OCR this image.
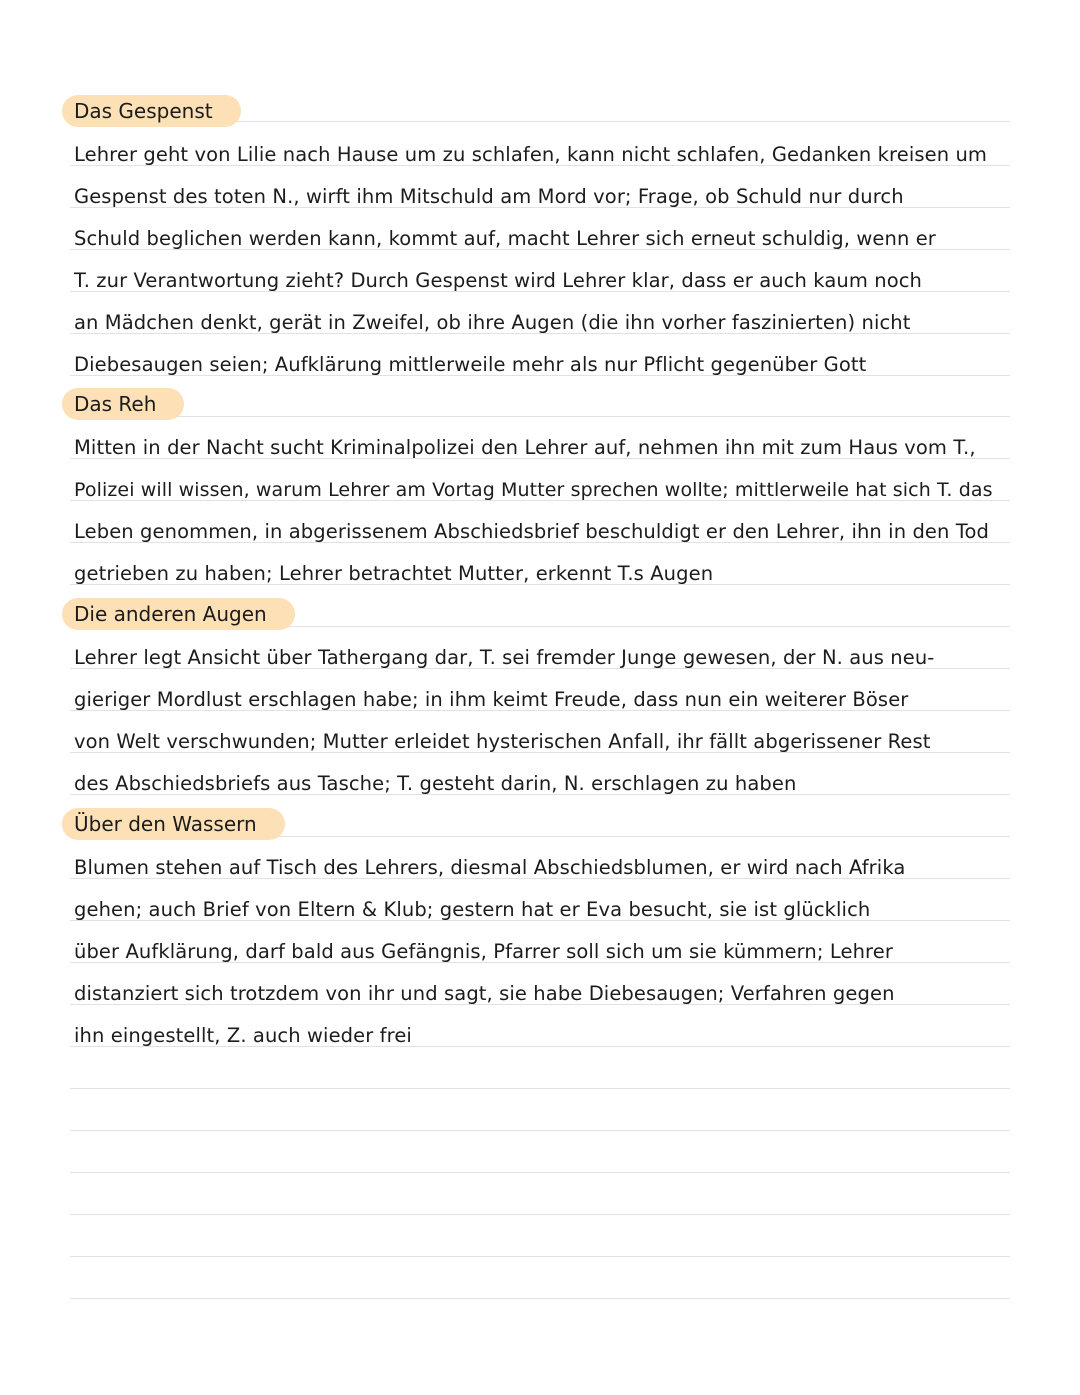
Das Gespenst
Lehrer geht von Lilie nach Hause um zu schlafen, kann nicht schlafen, Gedanken kreisen um
Gespenst des toten N., wirft ihm Mitschuld am Mord vor; Frage, ob Schuld nur durch
Schuld beglichen werden kann, kommt auf, macht Lehrer sich erneut schuldig, wenn er
T. zur Verantwortung zieht? Durch Gespenst wird Lehrer klar, dass er auch kaum noch
an Mädchen denkt, gerät in Zweifel, ob ihre Augen (die ihn vorher faszinierten) nicht
Diebesaugen seien; Aufklärung mittlerweile mehr als nur Pflicht gegenüber Gott
Das Reh
Mitten in der Nacht sucht Kriminalpolizei den Lehrer auf, nehmen ihn mit zum Haus vom T.,
Polizei will wissen, warum Lehrer am Vortag Mutter sprechen wollte; mittlerweile hat sich T. das
Leben genommen, in abgerissenem Abschiedsbrief beschuldigt er den Lehrer, ihn in den Tod
getrieben zu haben; Lehrer betrachtet Mutter, erkennt T.s Augen
Die anderen Augen
Lehrer legt Ansicht über Tathergang dar, T. sei fremder Junge gewesen, der N. aus neu-
gieriger Mordlust erschlagen habe; in ihm keimt Freude, dass nun ein weiterer Böser
von Welt verschwunden; Mutter erleidet hysterischen Anfall, ihr fällt abgerissener Rest
des Abschiedsbriefs aus Tasche; T. gesteht darin, N. erschlagen zu haben
Über den Wassern
Blumen stehen auf Tisch des Lehrers, diesmal Abschiedsblumen, er wird nach Afrika
gehen; auch Brief von Eltern & Klub; gestern hat er Eva besucht, sie ist glücklich
über Aufklärung, darf bald aus Gefängnis, Pfarrer soll sich um sie kümmern; Lehrer
distanziert sich trotzdem von ihr und sagt, sie habe Diebesaugen; Verfahren gegen
ihn eingestellt, Z. auch wieder frei
